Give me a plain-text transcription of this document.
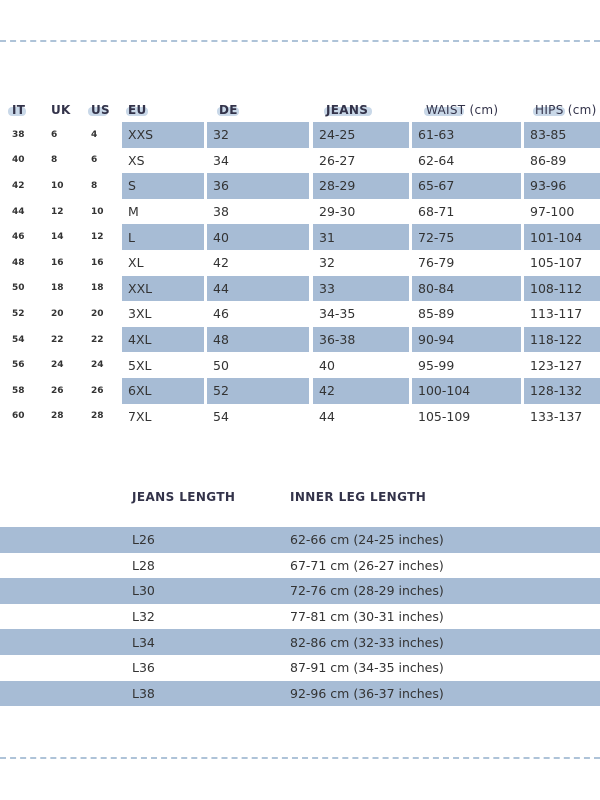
IT UK US EU	DE	JEANS	WAIST (cm)	HIPS (cm)
38	6	4	XXS	32	24-25	61-63	83-85
40	8	6	XS	34	26-27	62-64	86-89
42	10	8	S	36	28-29	65-67	93-96
44	12	10	M	38	29-30	68-71	97-100
46	14	12	L	40	31	72-75	101-104
48	16	16	XL	42	32	76-79	105-107
50	18	18	XXL	44	33	80-84	108-112
52	20	20	3XL	46	34-35	85-89	113-117
54	22	22	4XL	48	36-38	90-94	118-122
56	24	24	5XL	50	40	95-99	123-127
58	26	26	6XL	52	42	100-104	128-132
60	28	28	7XL	54	44	105-109	133-137
JEANS LENGTH	INNER LEG LENGTH
L26	62-66 cm (24-25 inches)
L28	67-71 cm (26-27 inches)
L30	72-76 cm (28-29 inches)
L32	77-81 cm (30-31 inches)
L34	82-86 cm (32-33 inches)
L36	87-91 cm (34-35 inches)
L38	92-96 cm (36-37 inches)
